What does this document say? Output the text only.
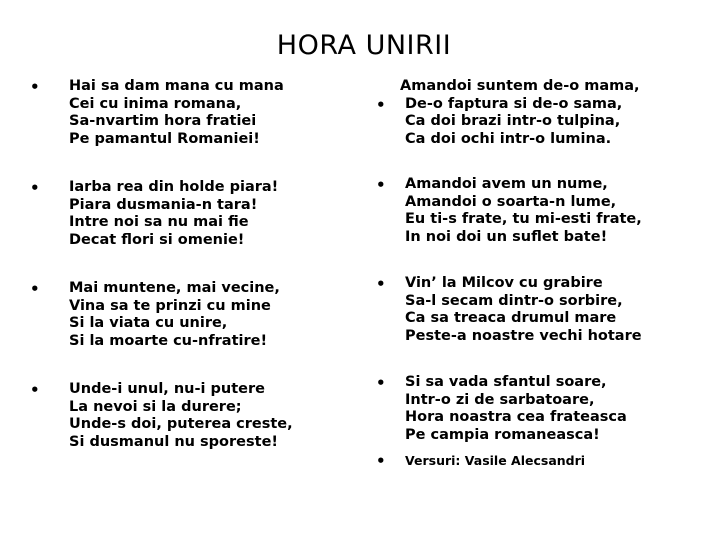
HORA UNIRII
• Hai sa dam mana cu mana
Cei cu inima romana,
Sa-nvartim hora fratiei
Pe pamantul Romaniei!
• Iarba rea din holde piara!
Piara dusmania-n tara!
Intre noi sa nu mai fie
Decat flori si omenie!
• Mai muntene, mai vecine,
Vina sa te prinzi cu mine
Si la viata cu unire,
Si la moarte cu-nfratire!
• Unde-i unul, nu-i putere
La nevoi si la durere;
Unde-s doi, puterea creste,
Si dusmanul nu sporeste!
Amandoi suntem de-o mama,
• De-o faptura si de-o sama,
Ca doi brazi intr-o tulpina,
Ca doi ochi intr-o lumina.
• Amandoi avem un nume,
Amandoi o soarta-n lume,
Eu ti-s frate, tu mi-esti frate,
In noi doi un suflet bate!
• Vin’ la Milcov cu grabire
Sa-l secam dintr-o sorbire,
Ca sa treaca drumul mare
Peste-a noastre vechi hotare
• Si sa vada sfantul soare,
Intr-o zi de sarbatoare,
Hora noastra cea frateasca
Pe campia romaneasca!
• Versuri: Vasile Alecsandri
